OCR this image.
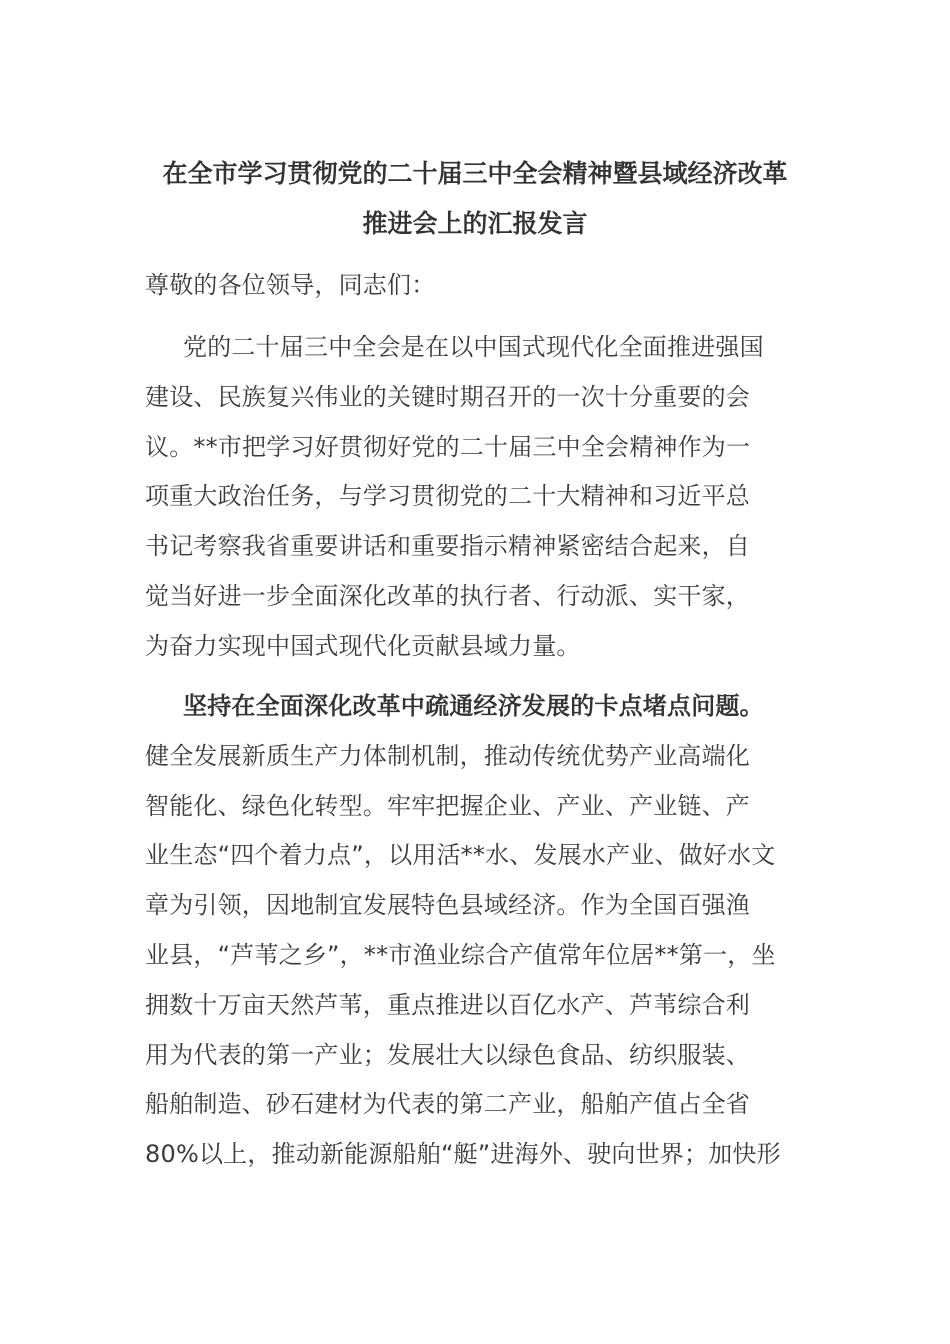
在全市学习贯彻党的二十届三中全会精神暨县域经济改革
推进会上的汇报发言

尊敬的各位领导，同志们：

党的二十届三中全会是在以中国式现代化全面推进强国
建设、民族复兴伟业的关键时期召开的一次十分重要的会
议。**市把学习好贯彻好党的二十届三中全会精神作为一
项重大政治任务，与学习贯彻党的二十大精神和习近平总
书记考察我省重要讲话和重要指示精神紧密结合起来，自
觉当好进一步全面深化改革的执行者、行动派、实干家，
为奋力实现中国式现代化贡献县域力量。
坚持在全面深化改革中疏通经济发展的卡点堵点问题。
健全发展新质生产力体制机制，推动传统优势产业高端化
智能化、绿色化转型。牢牢把握企业、产业、产业链、产
业生态“四个着力点”，以用活**水、发展水产业、做好水文
章为引领，因地制宜发展特色县域经济。作为全国百强渔
业县，“芦苇之乡”，**市渔业综合产值常年位居**第一，坐
拥数十万亩天然芦苇，重点推进以百亿水产、芦苇综合利
用为代表的第一产业；发展壮大以绿色食品、纺织服装、
船舶制造、砂石建材为代表的第二产业，船舶产值占全省
80%以上，推动新能源船舶“艇”进海外、驶向世界；加快形
